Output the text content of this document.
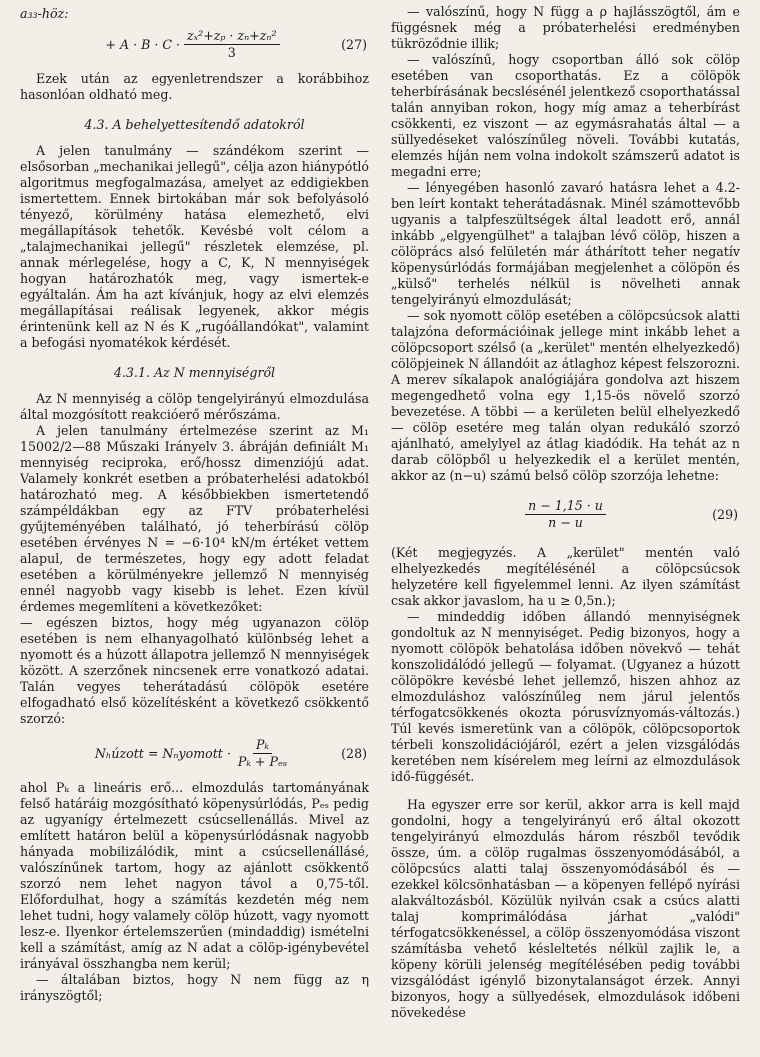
a₃₃-höz:

+ $A \cdot B \cdot C \cdot \frac{\text{zₓ²+zₚ · zₙ+zₙ²}}{3}$	(27)

Ezek után az egyenletrendszer a korábbihoz hasonlóan oldható meg.

4.3. A behelyettesítendő adatokról

A jelen tanulmány — szándékom szerint — elsősorban „mechanikai jellegű", célja azon hiánypótló algoritmus megfogalmazása, amelyet az eddigiekben ismertettem. Ennek birtokában már sok befolyásoló tényező, körülmény hatása elemezhető, elvi megállapítások tehetők. Kevésbé volt célom a „talajmechanikai jellegű" részletek elemzése, pl. annak mérlegelése, hogy a C, K, N mennyiségek hogyan határozhatók meg, vagy ismertek-e egyáltalán. Ám ha azt kívánjuk, hogy az elvi elemzés megállapításai reálisak legyenek, akkor mégis érintenünk kell az N és K „rugóállandókat", valamint a befogási nyomatékok kérdését.

4.3.1. Az N mennyiségről

Az N mennyiség a cölöp tengelyirányú elmozdulása által mozgósított reakcióerő mérőszáma.

A jelen tanulmány értelmezése szerint az M₁ 15002/2—88 Műszaki Irányelv 3. ábráján definiált M₁ mennyiség reciproka, erő/hossz dimenziójú adat. Valamely konkrét esetben a próbaterhelési adatokból határozható meg. A későbbiekben ismertetendő számpéldákban egy az FTV próbaterhelési gyűjteményében található, jó teherbírású cölöp esetében érvényes N = −6·10⁴ kN/m értéket vettem alapul, de természetes, hogy egy adott feladat esetében a körülményekre jellemző N mennyiség ennél nagyobb vagy kisebb is lehet. Ezen kívül érdemes megemlíteni a következőket:

— egészen biztos, hogy még ugyanazon cölöp esetében is nem elhanyagolható különbség lehet a nyomott és a húzott állapotra jellemző N mennyiségek között. A szerzőnek nincsenek erre vonatkozó adatai. Talán vegyes teherátadású cölöpök esetére elfogadható első közelítésként a következő csökkentő szorzó:

Nₕúzott = Nₙyomott · $\frac{\text{Pₖ}}{\text{Pₖ + Pₑₛ}}$	(28)

ahol Pₖ a lineáris erő... elmozdulás tartományának felső határáig mozgósítható köpenysúrlódás, Pₑₛ pedig az ugyanígy értelmezett csúcsellenállás. Mivel az említett határon belül a köpenysúrlódásnak nagyobb hányada mobilizálódik, mint a csúcsellenállásé, valószínűnek tartom, hogy az ajánlott csökkentő szorzó nem lehet nagyon távol a 0,75-től. Előfordulhat, hogy a számítás kezdetén még nem lehet tudni, hogy valamely cölöp húzott, vagy nyomott lesz-e. Ilyenkor értelemszerűen (mindaddig) ismételni kell a számítást, amíg az N adat a cölöp-igénybevétel irányával összhangba nem kerül;

— általában biztos, hogy N nem függ az η irányszögtől;

— valószínű, hogy N függ a ρ hajlásszögtől, ám e függésnek még a próbaterhelési eredményben tükröződnie illik;

— valószínű, hogy csoportban álló sok cölöp esetében van csoporthatás. Ez a cölöpök teherbírásának becslésénél jelentkező csoporthatással talán annyiban rokon, hogy míg amaz a teherbírást csökkenti, ez viszont — az egymásrahatás által — a süllyedéseket valószínűleg növeli. További kutatás, elemzés híján nem volna indokolt számszerű adatot is megadni erre;

— lényegében hasonló zavaró hatásra lehet a 4.2-ben leírt kontakt teherátadásnak. Minél számottevőbb ugyanis a talpfeszültségek által leadott erő, annál inkább „elgyengülhet" a talajban lévő cölöp, hiszen a cölöprács alsó felületén már áthárított teher negatív köpenysúrlódás formájában megjelenhet a cölöpön és „külső" terhelés nélkül is növelheti annak tengelyirányú elmozdulását;

— sok nyomott cölöp esetében a cölöpcsúcsok alatti talajzóna deformációinak jellege mint inkább lehet a cölöpcsoport szélső (a „kerület" mentén elhelyezkedő) cölöpjeinek N állandóit az átlaghoz képest felszorozni. A merev síkalapok analógiájára gondolva azt hiszem megengedhető volna egy 1,15-ös növelő szorzó bevezetése. A többi — a kerületen belül elhelyezkedő — cölöp esetére meg talán olyan redukáló szorzó ajánlható, amelylyel az átlag kiadódik. Ha tehát az n darab cölöpből u helyezkedik el a kerület mentén, akkor az (n−u) számú belső cölöp szorzója lehetne:

$\frac{n - 1,15 \cdot u}{n - u}$	(29)

(Két megjegyzés. A „kerület" mentén való elhelyezkedés megítélésénél a cölöpcsúcsok helyzetére kell figyelemmel lenni. Az ilyen számítást csak akkor javaslom, ha u ≥ 0,5n.);

— mindeddig időben állandó mennyiségnek gondoltuk az N mennyiséget. Pedig bizonyos, hogy a nyomott cölöpök behatolása időben növekvő — tehát konszolidálódó jellegű — folyamat. (Ugyanez a húzott cölöpökre kevésbé lehet jellemző, hiszen ahhoz az elmozduláshoz valószínűleg nem járul jelentős térfogatcsökkenés okozta pórusvíznyomás-változás.) Túl kevés ismeretünk van a cölöpök, cölöpcsoportok térbeli konszolidációjáról, ezért a jelen vizsgálódás keretében nem kísérelem meg leírni az elmozdulások idő-függését.

Ha egyszer erre sor kerül, akkor arra is kell majd gondolni, hogy a tengelyirányú erő által okozott tengelyirányú elmozdulás három részből tevődik össze, úm. a cölöp rugalmas összenyomódásából, a cölöpcsúcs alatti talaj összenyomódásából és — ezekkel kölcsönhatásban — a köpenyen fellépő nyírási alakváltozásból. Közülük nyilván csak a csúcs alatti talaj komprimálódása járhat „valódi" térfogatcsökkenéssel, a cölöp összenyomódása viszont számításba vehető késleltetés nélkül zajlik le, a köpeny körüli jelenség megítélésében pedig további vizsgálódást igénylő bizonytalanságot érzek. Annyi bizonyos, hogy a süllyedések, elmozdulások időbeni növekedése
